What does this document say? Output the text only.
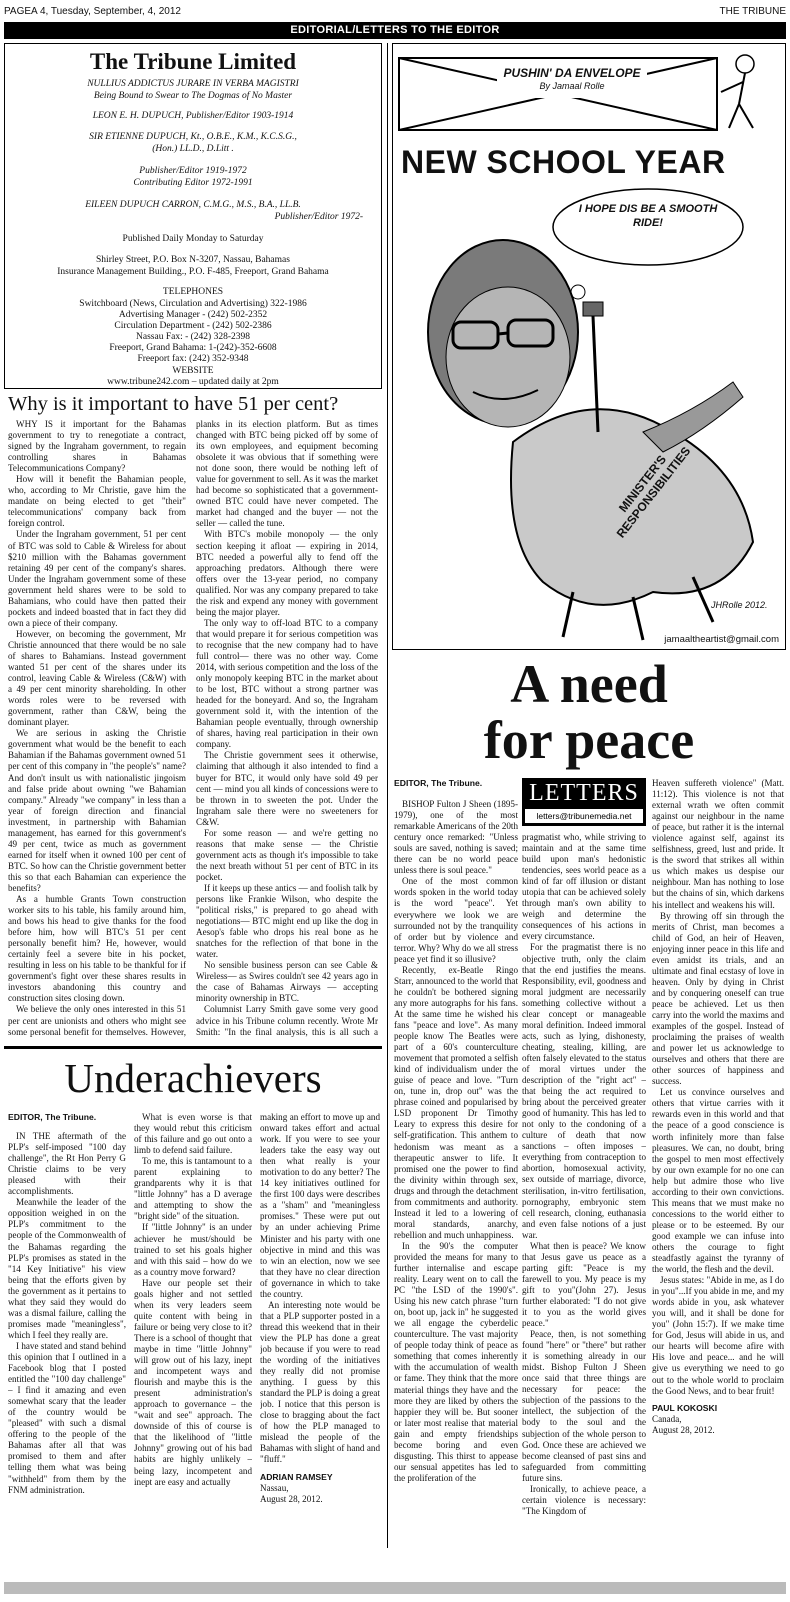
PAGEA 4, Tuesday, September, 4, 2012	THE TRIBUNE
EDITORIAL/LETTERS TO THE EDITOR
The Tribune Limited
NULLIUS ADDICTUS JURARE IN VERBA MAGISTRI
Being Bound to Swear to The Dogmas of No Master
LEON E. H. DUPUCH, Publisher/Editor 1903-1914
SIR ETIENNE DUPUCH, Kt., O.B.E., K.M., K.C.S.G.,
(Hon.) LL.D., D.Litt .
Publisher/Editor 1919-1972
Contributing Editor 1972-1991
EILEEN DUPUCH CARRON, C.M.G., M.S., B.A., LL.B.
Publisher/Editor 1972-
Published Daily Monday to Saturday
Shirley Street, P.O. Box N-3207, Nassau, Bahamas
Insurance Management Building., P.O. F-485, Freeport, Grand Bahama
TELEPHONES
Switchboard (News, Circulation and Advertising) 322-1986
Advertising Manager - (242) 502-2352
Circulation Department - (242) 502-2386
Nassau Fax: - (242) 328-2398
Freeport, Grand Bahama: 1-(242)-352-6608
Freeport fax: (242) 352-9348
WEBSITE
www.tribune242.com – updated daily at 2pm
Why is it important to have 51 per cent?

WHY IS it important for the Bahamas government to try to renegotiate a contract, signed by the Ingraham government, to regain controlling shares in Bahamas Telecommunications Company?

How will it benefit the Bahamian people, who, according to Mr Christie, gave him the mandate on being elected to get "their" telecommunications' company back from foreign control.

Under the Ingraham government, 51 per cent of BTC was sold to Cable & Wireless for about $210 million with the Bahamas government retaining 49 per cent of the company's shares. Under the Ingraham government some of these government held shares were to be sold to Bahamians, who could have then patted their pockets and indeed boasted that in fact they did own a piece of their company.

However, on becoming the government, Mr Christie announced that there would be no sale of shares to Bahamians. Instead government wanted 51 per cent of the shares under its control, leaving Cable & Wireless (C&W) with a 49 per cent minority shareholding. In other words roles were to be reversed with government, rather than C&W, being the dominant player.

We are serious in asking the Christie government what would be the benefit to each Bahamian if the Bahamas government owned 51 per cent of this company in "the people's" name? And don't insult us with nationalistic jingoism and false pride about owning "we Bahamian company." Already "we company" in less than a year of foreign direction and financial investment, in partnership with Bahamian management, has earned for this government's 49 per cent, twice as much as government earned for itself when it owned 100 per cent of BTC. So how can the Christie government better this so that each Bahamian can experience the benefits?

As a humble Grants Town construction worker sits to his table, his family around him, and bows his head to give thanks for the food before him, how will BTC's 51 per cent personally benefit him? He, however, would certainly feel a severe bite in his pocket, resulting in less on his table to be thankful for if government's fight over these shares results in investors abandoning this country and construction sites closing down.

We believe the only ones interested in this 51 per cent are unionists and others who might see some personal benefit for themselves. However,

planks in its election platform. But as times changed with BTC being picked off by some of its own employees, and equipment becoming obsolete it was obvious that if something were not done soon, there would be nothing left of value for government to sell. As it was the market had become so sophisticated that a government-owned BTC could have never competed. The market had changed and the buyer — not the seller — called the tune.

With BTC's mobile monopoly — the only section keeping it afloat — expiring in 2014, BTC needed a powerful ally to fend off the approaching predators. Although there were offers over the 13-year period, no company qualified. Nor was any company prepared to take the risk and expend any money with government being the major player.

The only way to off-load BTC to a company that would prepare it for serious competition was to recognise that the new company had to have full control— there was no other way. Come 2014, with serious competition and the loss of the only monopoly keeping BTC in the market about to be lost, BTC without a strong partner was headed for the boneyard. And so, the Ingraham government sold it, with the intention of the Bahamian people eventually, through ownership of shares, having real participation in their own company.

The Christie government sees it otherwise, claiming that although it also intended to find a buyer for BTC, it would only have sold 49 per cent — mind you all kinds of concessions were to be thrown in to sweeten the pot. Under the Ingraham sale there were no sweeteners for C&W.

For some reason — and we're getting no reasons that make sense — the Christie government acts as though it's impossible to take the next breath without 51 per cent of BTC in its pocket.

If it keeps up these antics — and foolish talk by persons like Frankie Wilson, who despite the "political risks," is prepared to go ahead with negotiations— BTC might end up like the dog in Aesop's fable who drops his real bone as he snatches for the reflection of that bone in the water.

No sensible business person can see Cable & Wireless— as Swires couldn't see 42 years ago in the case of Bahamas Airways — accepting minority ownership in BTC.

Columnist Larry Smith gave some very good advice in his Tribune column recently. Wrote Mr Smith: "In the final analysis, this is all such a

PUSHIN' DA ENVELOPE
By Jamaal Rolle
NEW SCHOOL YEAR
I HOPE DIS BE A SMOOTH RIDE!
MINISTER'S RESPONSIBILITIES
JHRolle 2012.
jamaaltheartist@gmail.com
A need
for peace

EDITOR, The Tribune.

BISHOP Fulton J Sheen (1895-1979), one of the most remarkable Americans of the 20th century once remarked: "Unless souls are saved, nothing is saved; there can be no world peace unless there is soul peace."

One of the most common words spoken in the world today is the word "peace". Yet everywhere we look we are surrounded not by the tranquility of order but by violence and terror. Why? Why do we all stress peace yet find it so illusive?

Recently, ex-Beatle Ringo Starr, announced to the world that he couldn't be bothered signing any more autographs for his fans. At the same time he wished his fans "peace and love". As many people know The Beatles were part of a 60's counterculture movement that promoted a selfish kind of individualism under the guise of peace and love. "Turn on, tune in, drop out" was the phrase coined and popularised by LSD proponent Dr Timothy Leary to express this desire for self-gratification. This anthem to hedonism was meant as a therapeutic answer to life. It promised one the power to find the divinity within through sex, drugs and through the detachment from commitments and authority. Instead it led to a lowering of moral standards, anarchy, rebellion and much unhappiness.

In the 90's the computer provided the means for many to further internalise and escape reality. Leary went on to call the PC "the LSD of the 1990's". Using his new catch phrase "turn on, boot up, jack in" he suggested we all engage the cyberdelic counterculture. The vast majority of people today think of peace as something that comes inherently with the accumulation of wealth or fame. They think that the more material things they have and the more they are liked by others the happier they will be. But sooner or later most realise that material gain and empty friendships become boring and even disgusting. This thirst to appease our sensual appetites has led to the proliferation of the

LETTERS
letters@tribunemedia.net

pragmatist who, while striving to maintain and at the same time build upon man's hedonistic tendencies, sees world peace as a kind of far off illusion or distant utopia that can be achieved solely through man's own ability to weigh and determine the consequences of his actions in every circumstance.

For the pragmatist there is no objective truth, only the claim that the end justifies the means. Responsibility, evil, goodness and moral judgment are necessarily something collective without a clear concept or manageable moral definition. Indeed immoral acts, such as lying, dishonesty, cheating, stealing, killing, are often falsely elevated to the status of moral virtues under the description of the "right act" – that being the act required to bring about the perceived greater good of humanity. This has led to not only to the condoning of a culture of death that now sanctions – often imposes – everything from contraception to abortion, homosexual activity, sex outside of marriage, divorce, sterilisation, in-vitro fertilisation, pornography, embryonic stem cell research, cloning, euthanasia and even false notions of a just war.

What then is peace? We know that Jesus gave us peace as a parting gift: "Peace is my farewell to you. My peace is my gift to you"(John 27). Jesus further elaborated: "I do not give it to you as the world gives peace."

Peace, then, is not something found "here" or "there" but rather it is something already in our midst. Bishop Fulton J Sheen once said that three things are necessary for peace: the subjection of the passions to the intellect, the subjection of the body to the soul and the subjection of the whole person to God. Once these are achieved we become cleansed of past sins and safeguarded from committing future sins.

Ironically, to achieve peace, a certain violence is necessary: "The Kingdom of

Heaven suffereth violence" (Matt. 11:12). This violence is not that external wrath we often commit against our neighbour in the name of peace, but rather it is the internal violence against self, against its selfishness, greed, lust and pride. It is the sword that strikes all within us which makes us despise our neighbour. Man has nothing to lose but the chains of sin, which darkens his intellect and weakens his will.

By throwing off sin through the merits of Christ, man becomes a child of God, an heir of Heaven, enjoying inner peace in this life and even amidst its trials, and an ultimate and final ecstasy of love in heaven. Only by dying in Christ and by conquering oneself can true peace be achieved. Let us then carry into the world the maxims and examples of the gospel. Instead of proclaiming the praises of wealth and power let us acknowledge to ourselves and others that there are other sources of happiness and success.

Let us convince ourselves and others that virtue carries with it rewards even in this world and that the peace of a good conscience is worth infinitely more than false pleasures. We can, no doubt, bring the gospel to men most effectively by our own example for no one can help but admire those who live according to their own convictions. This means that we must make no concessions to the world either to please or to be esteemed. By our good example we can infuse into others the courage to fight steadfastly against the tyranny of the world, the flesh and the devil.

Jesus states: "Abide in me, as I do in you"...If you abide in me, and my words abide in you, ask whatever you will, and it shall be done for you" (John 15:7). If we make time for God, Jesus will abide in us, and our hearts will become afire with His love and peace... and he will give us everything we need to go out to the whole world to proclaim the Good News, and to bear fruit!

PAUL KOKOSKI

Canada,

August 28, 2012.

Underachievers

EDITOR, The Tribune.

IN THE aftermath of the PLP's self-imposed "100 day challenge", the Rt Hon Perry G Christie claims to be very pleased with their accomplishments.

Meanwhile the leader of the opposition weighed in on the PLP's commitment to the people of the Commonwealth of the Bahamas regarding the PLP's promises as stated in the "14 Key Initiative" his view being that the efforts given by the government as it pertains to what they said they would do was a dismal failure, calling the promises made "meaningless", which I feel they really are.

I have stated and stand behind this opinion that I outlined in a Facebook blog that I posted entitled the "100 day challenge" – I find it amazing and even somewhat scary that the leader of the country would be "pleased" with such a dismal offering to the people of the Bahamas after all that was promised to them and after telling them what was being "withheld" from them by the FNM administration.

What is even worse is that they would rebut this criticism of this failure and go out onto a limb to defend said failure.

To me, this is tantamount to a parent explaining to grandparents why it is that "little Johnny" has a D average and attempting to show the "bright side" of the situation.

If "little Johnny" is an under achiever he must/should be trained to set his goals higher and with this said – how do we as a country move forward?

Have our people set their goals higher and not settled when its very leaders seem quite content with being in failure or being very close to it? There is a school of thought that maybe in time "little Johnny" will grow out of his lazy, inept and incompetent ways and flourish and maybe this is the present administration's approach to governance – the "wait and see" approach. The downside of this of course is that the likelihood of "little Johnny" growing out of his bad habits are highly unlikely – being lazy, incompetent and inept are easy and actually

making an effort to move up and onward takes effort and actual work. If you were to see your leaders take the easy way out then what really is your motivation to do any better? The 14 key initiatives outlined for the first 100 days were describes as a "sham" and "meaningless promises." These were put out by an under achieving Prime Minister and his party with one objective in mind and this was to win an election, now we see that they have no clear direction of governance in which to take the country.

An interesting note would be that a PLP supporter posted in a thread this weekend that in their view the PLP has done a great job because if you were to read the wording of the initiatives they really did not promise anything. I guess by this standard the PLP is doing a great job. I notice that this person is close to bragging about the fact of how the PLP managed to mislead the people of the Bahamas with slight of hand and "fluff."

ADRIAN RAMSEY

Nassau,

August 28, 2012.
